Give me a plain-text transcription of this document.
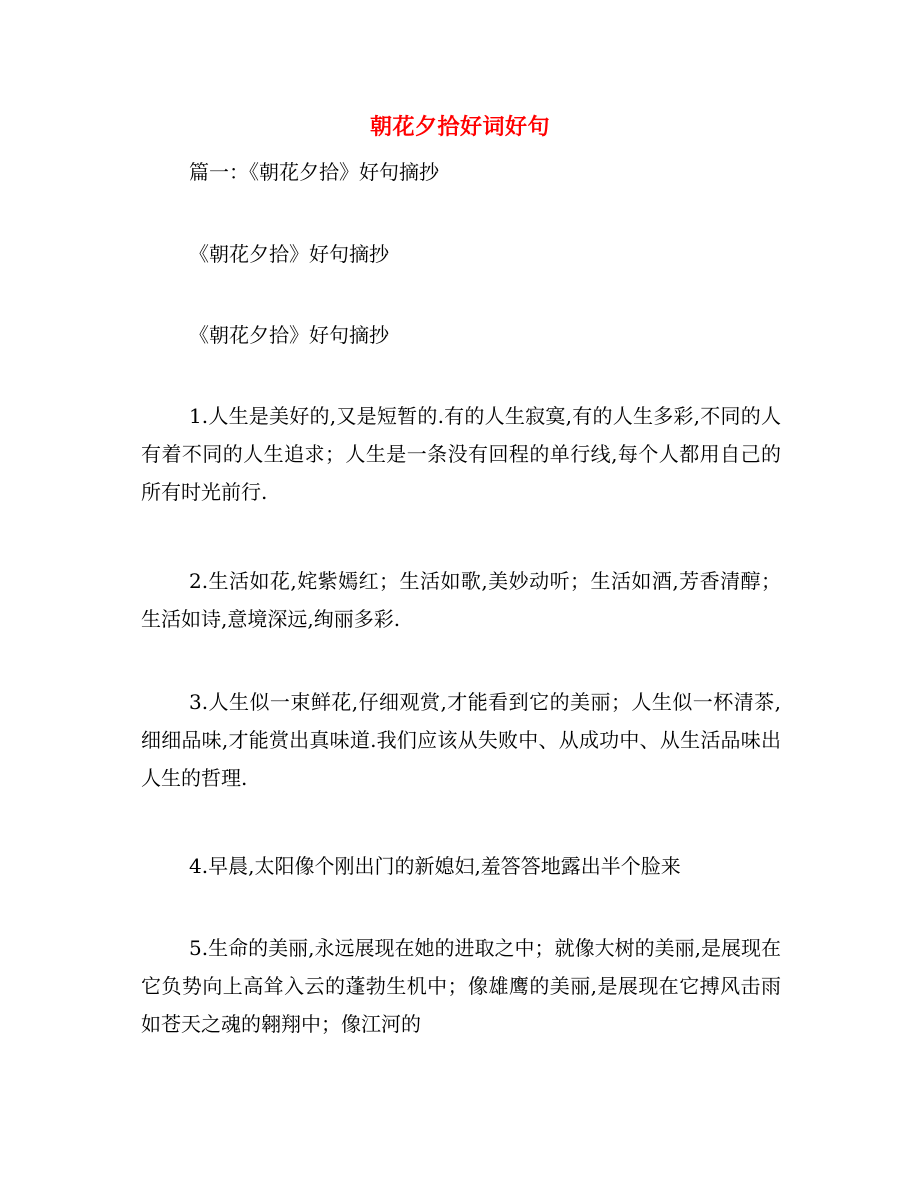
朝花夕拾好词好句

篇一：《朝花夕拾》好句摘抄

《朝花夕拾》好句摘抄

《朝花夕拾》好句摘抄

1.人生是美好的,又是短暂的.有的人生寂寞,有的人生多彩,不同的人有着不同的人生追求；人生是一条没有回程的单行线,每个人都用自己的所有时光前行.

2.生活如花,姹紫嫣红；生活如歌,美妙动听；生活如酒,芳香清醇；生活如诗,意境深远,绚丽多彩.

3.人生似一束鲜花,仔细观赏,才能看到它的美丽；人生似一杯清茶,细细品味,才能赏出真味道.我们应该从失败中、从成功中、从生活品味出人生的哲理.

4.早晨,太阳像个刚出门的新媳妇,羞答答地露出半个脸来

5.生命的美丽,永远展现在她的进取之中；就像大树的美丽,是展现在它负势向上高耸入云的蓬勃生机中；像雄鹰的美丽,是展现在它搏风击雨如苍天之魂的翱翔中；像江河的
